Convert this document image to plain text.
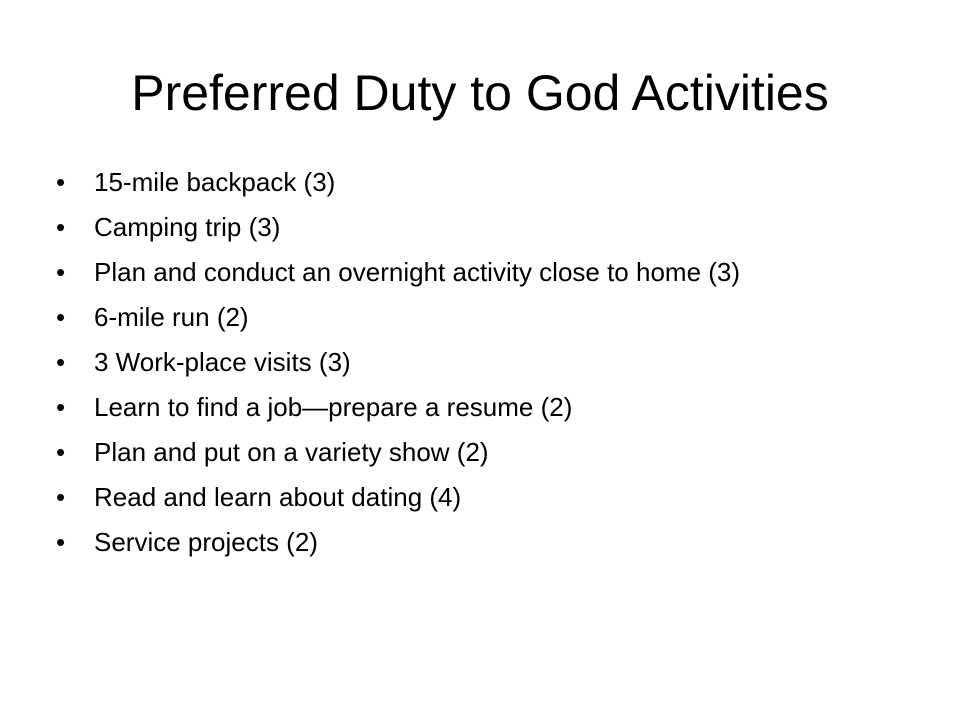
Preferred Duty to God Activities
• 15-mile backpack (3)
• Camping trip (3)
• Plan and conduct an overnight activity close to home (3)
• 6-mile run (2)
• 3 Work-place visits (3)
• Learn to find a job—prepare a resume (2)
• Plan and put on a variety show (2)
• Read and learn about dating (4)
• Service projects (2)
